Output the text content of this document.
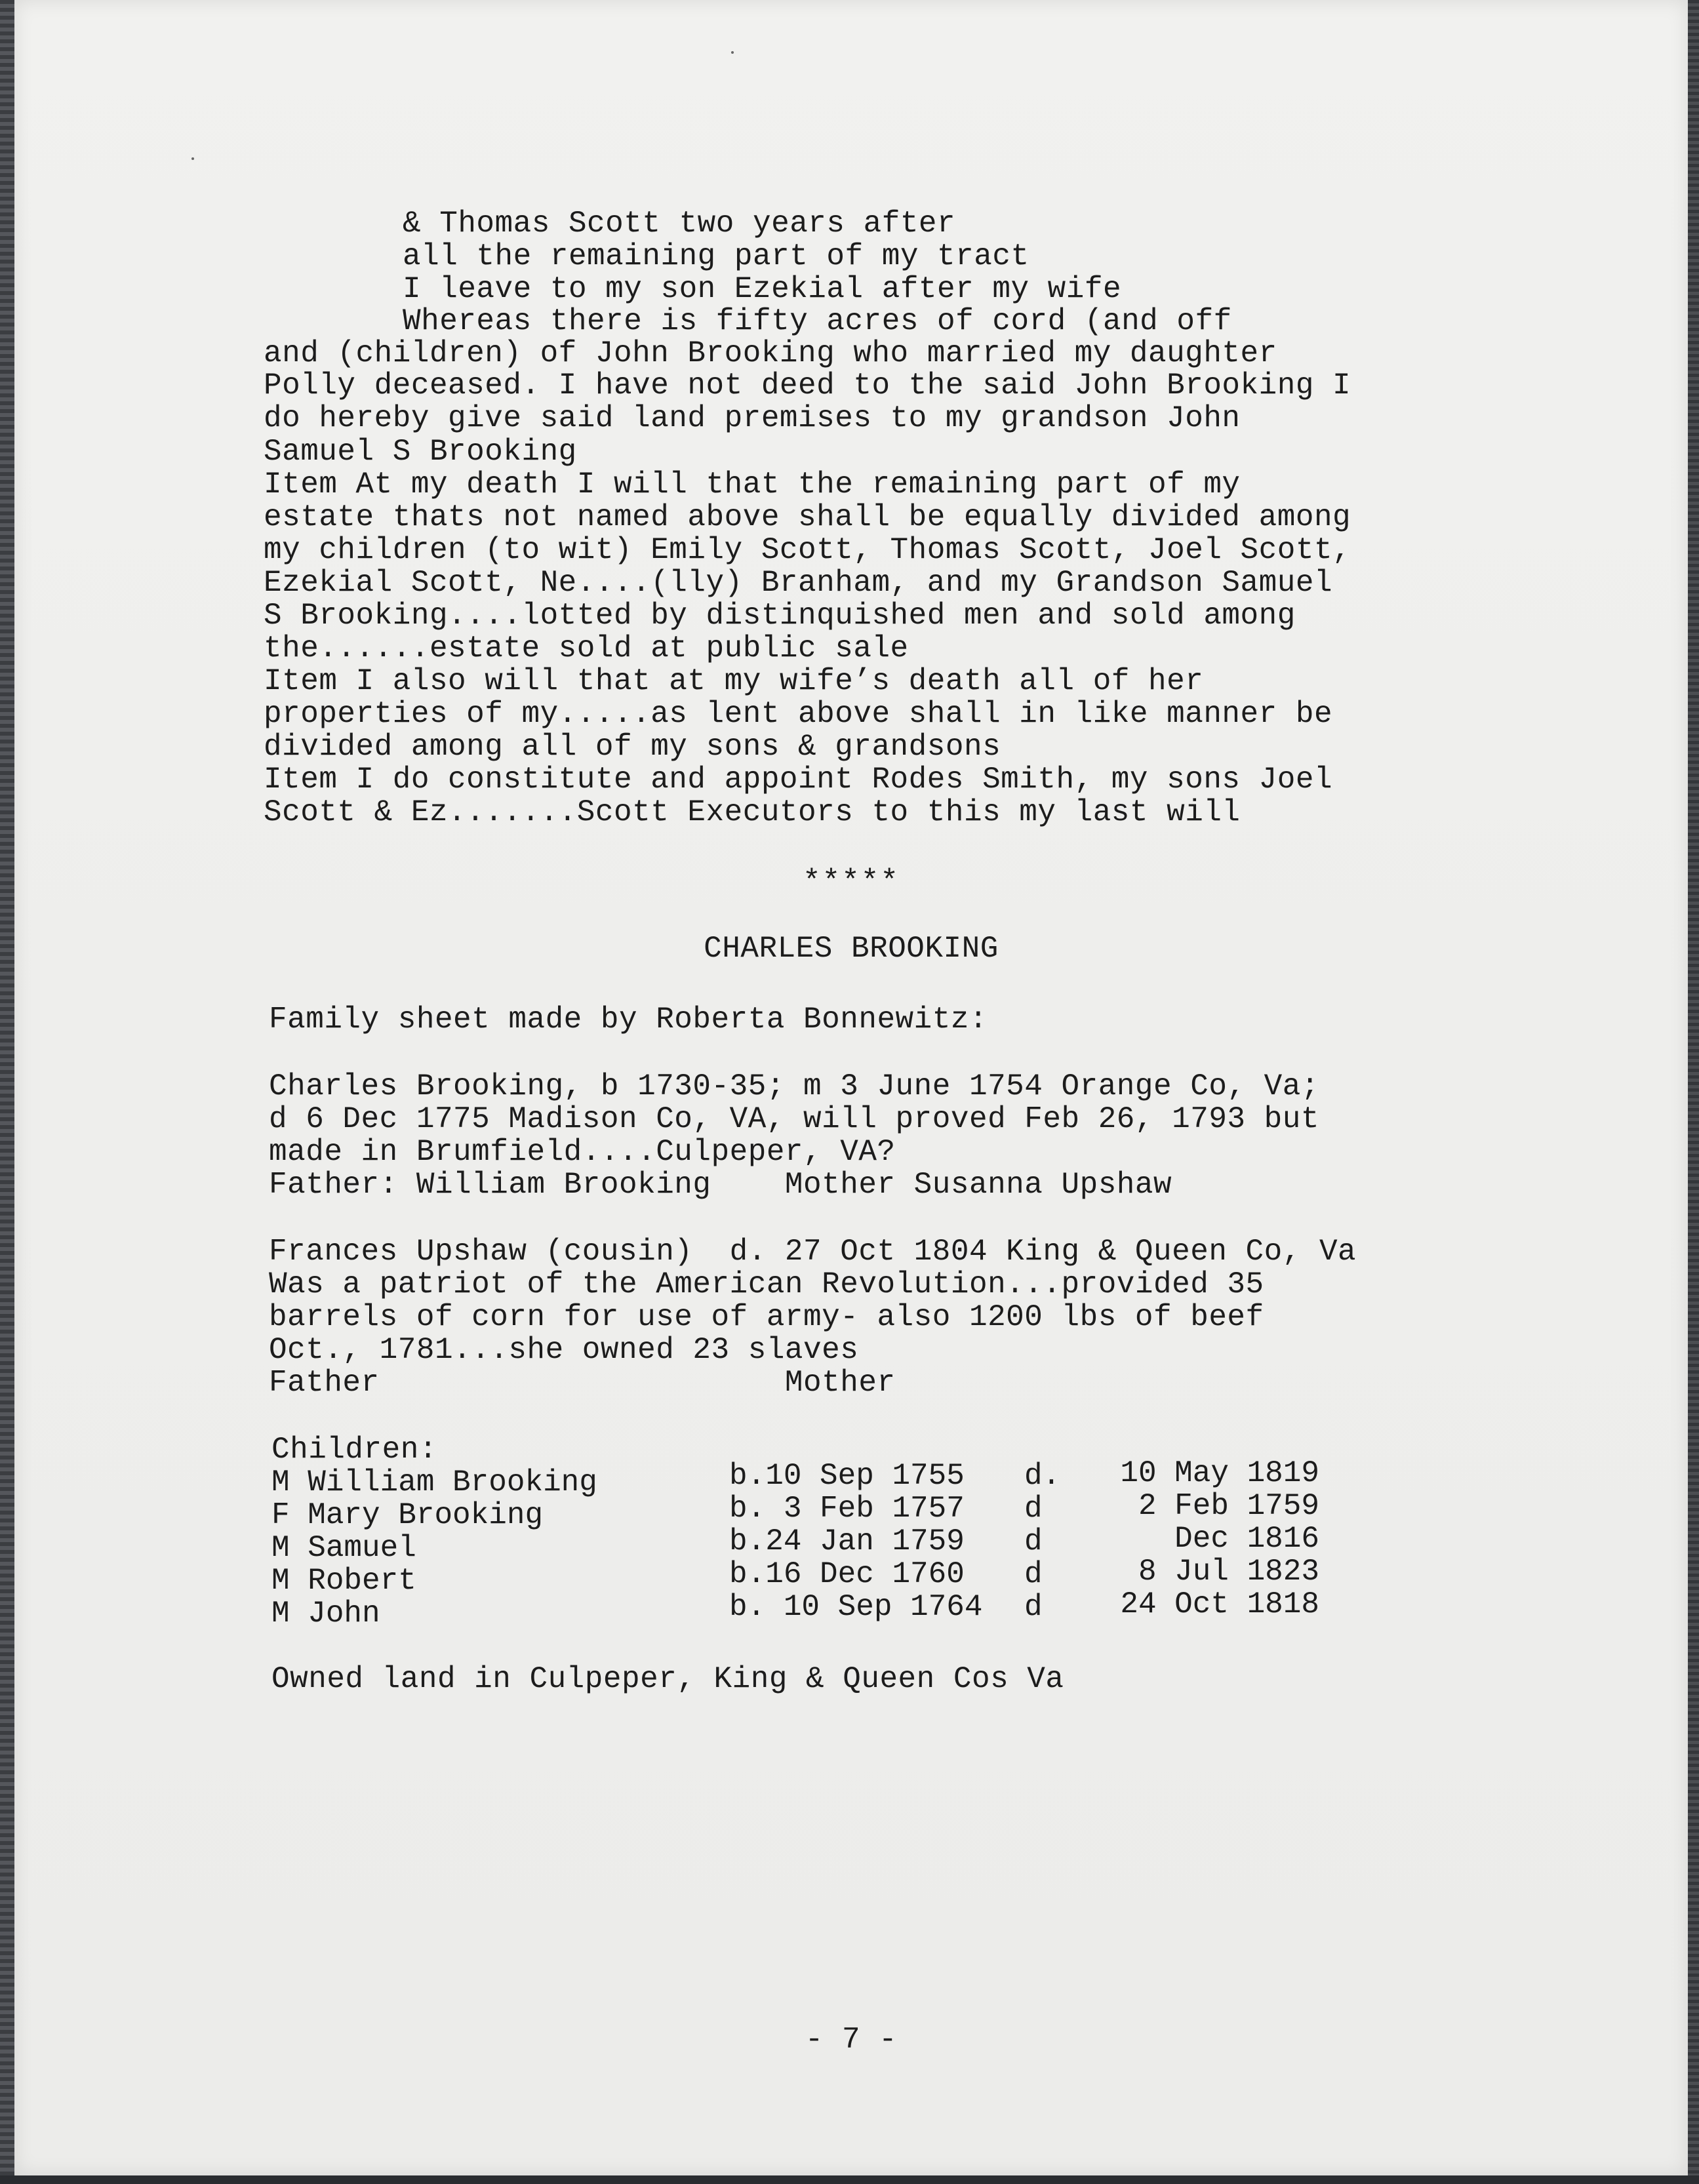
& Thomas Scott two years after
all the remaining part of my tract
I leave to my son Ezekial after my wife
Whereas there is fifty acres of cord (and off
and (children) of John Brooking who married my daughter
Polly deceased. I have not deed to the said John Brooking I
do hereby give said land premises to my grandson John
Samuel S Brooking
Item At my death I will that the remaining part of my
estate thats not named above shall be equally divided among
my children (to wit) Emily Scott, Thomas Scott, Joel Scott,
Ezekial Scott, Ne....(lly) Branham, and my Grandson Samuel
S Brooking....lotted by distinquished men and sold among
the......estate sold at public sale
Item I also will that at my wife’s death all of her
properties of my.....as lent above shall in like manner be
divided among all of my sons & grandsons
Item I do constitute and appoint Rodes Smith, my sons Joel
Scott & Ez.......Scott Executors to this my last will
*****
CHARLES BROOKING
Family sheet made by Roberta Bonnewitz:
Charles Brooking, b 1730-35; m 3 June 1754 Orange Co, Va;
d 6 Dec 1775 Madison Co, VA, will proved Feb 26, 1793 but
made in Brumfield....Culpeper, VA?
Father: William Brooking    Mother Susanna Upshaw
Frances Upshaw (cousin)  d. 27 Oct 1804 King & Queen Co, Va
Was a patriot of the American Revolution...provided 35
barrels of corn for use of army- also 1200 lbs of beef
Oct., 1781...she owned 23 slaves
Father                      Mother
Children:
M William Brooking	b.10 Sep 1755 d.	10 May 1819
F Mary Brooking	b. 3 Feb 1757 d	2 Feb 1759
M Samuel	b.24 Jan 1759 d	Dec 1816
M Robert	b.16 Dec 1760 d	8 Jul 1823
M John	b. 10 Sep 1764 d	24 Oct 1818
Owned land in Culpeper, King & Queen Cos Va
- 7 -
